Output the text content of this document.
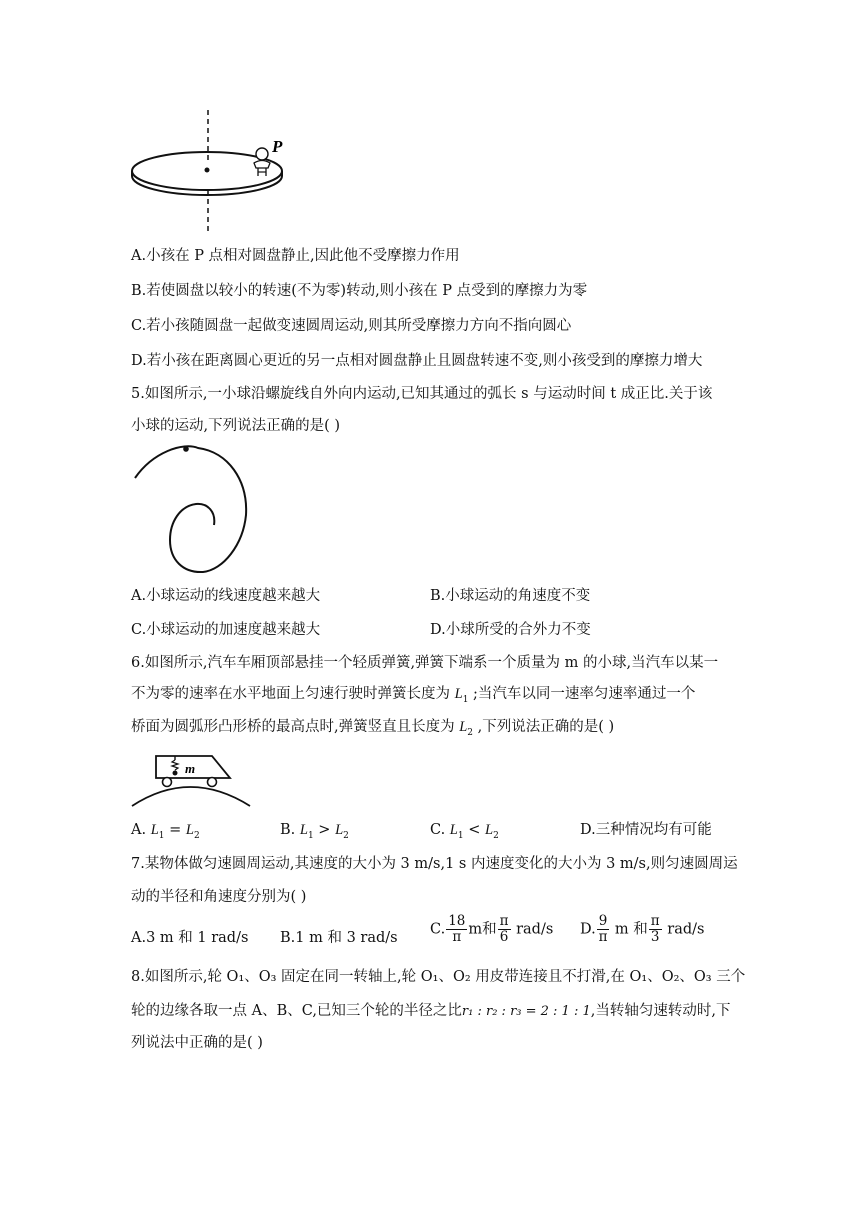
P
A.小孩在 P 点相对圆盘静止,因此他不受摩擦力作用
B.若使圆盘以较小的转速(不为零)转动,则小孩在 P 点受到的摩擦力为零
C.若小孩随圆盘一起做变速圆周运动,则其所受摩擦力方向不指向圆心
D.若小孩在距离圆心更近的另一点相对圆盘静止且圆盘转速不变,则小孩受到的摩擦力增大
5.如图所示,一小球沿螺旋线自外向内运动,已知其通过的弧长 s 与运动时间 t 成正比.关于该
小球的运动,下列说法正确的是( )
A.小球运动的线速度越来越大	B.小球运动的角速度不变
C.小球运动的加速度越来越大	D.小球所受的合外力不变
6.如图所示,汽车车厢顶部悬挂一个轻质弹簧,弹簧下端系一个质量为 m 的小球,当汽车以某一
不为零的速率在水平地面上匀速行驶时弹簧长度为 $L_1$ ;当汽车以同一速率匀速率通过一个
桥面为圆弧形凸形桥的最高点时,弹簧竖直且长度为 $L_2$ ,下列说法正确的是( )
m
A. $L_1 = L_2$	B. $L_1 > L_2$	C. $L_1 < L_2$	D.三种情况均有可能
7.某物体做匀速圆周运动,其速度的大小为 3 m/s,1 s 内速度变化的大小为 3 m/s,则匀速圆周运
动的半径和角速度分别为( )
A.3 m 和 1 rad/s B.1 m 和 3 rad/s
C. $\frac{18}{\pi}$ m和 $\frac{\pi}{6} rad/s$ D. $\frac{9}{\pi}$ m 和 $\frac{\pi}{3} rad/s$
8.如图所示,轮 O₁、O₃ 固定在同一转轴上,轮 O₁、O₂ 用皮带连接且不打滑,在 O₁、O₂、O₃ 三个
轮的边缘各取一点 A、B、C,已知三个轮的半径之比r₁ : r₂ : r₃ = 2 : 1 : 1,当转轴匀速转动时,下
列说法中正确的是( )
